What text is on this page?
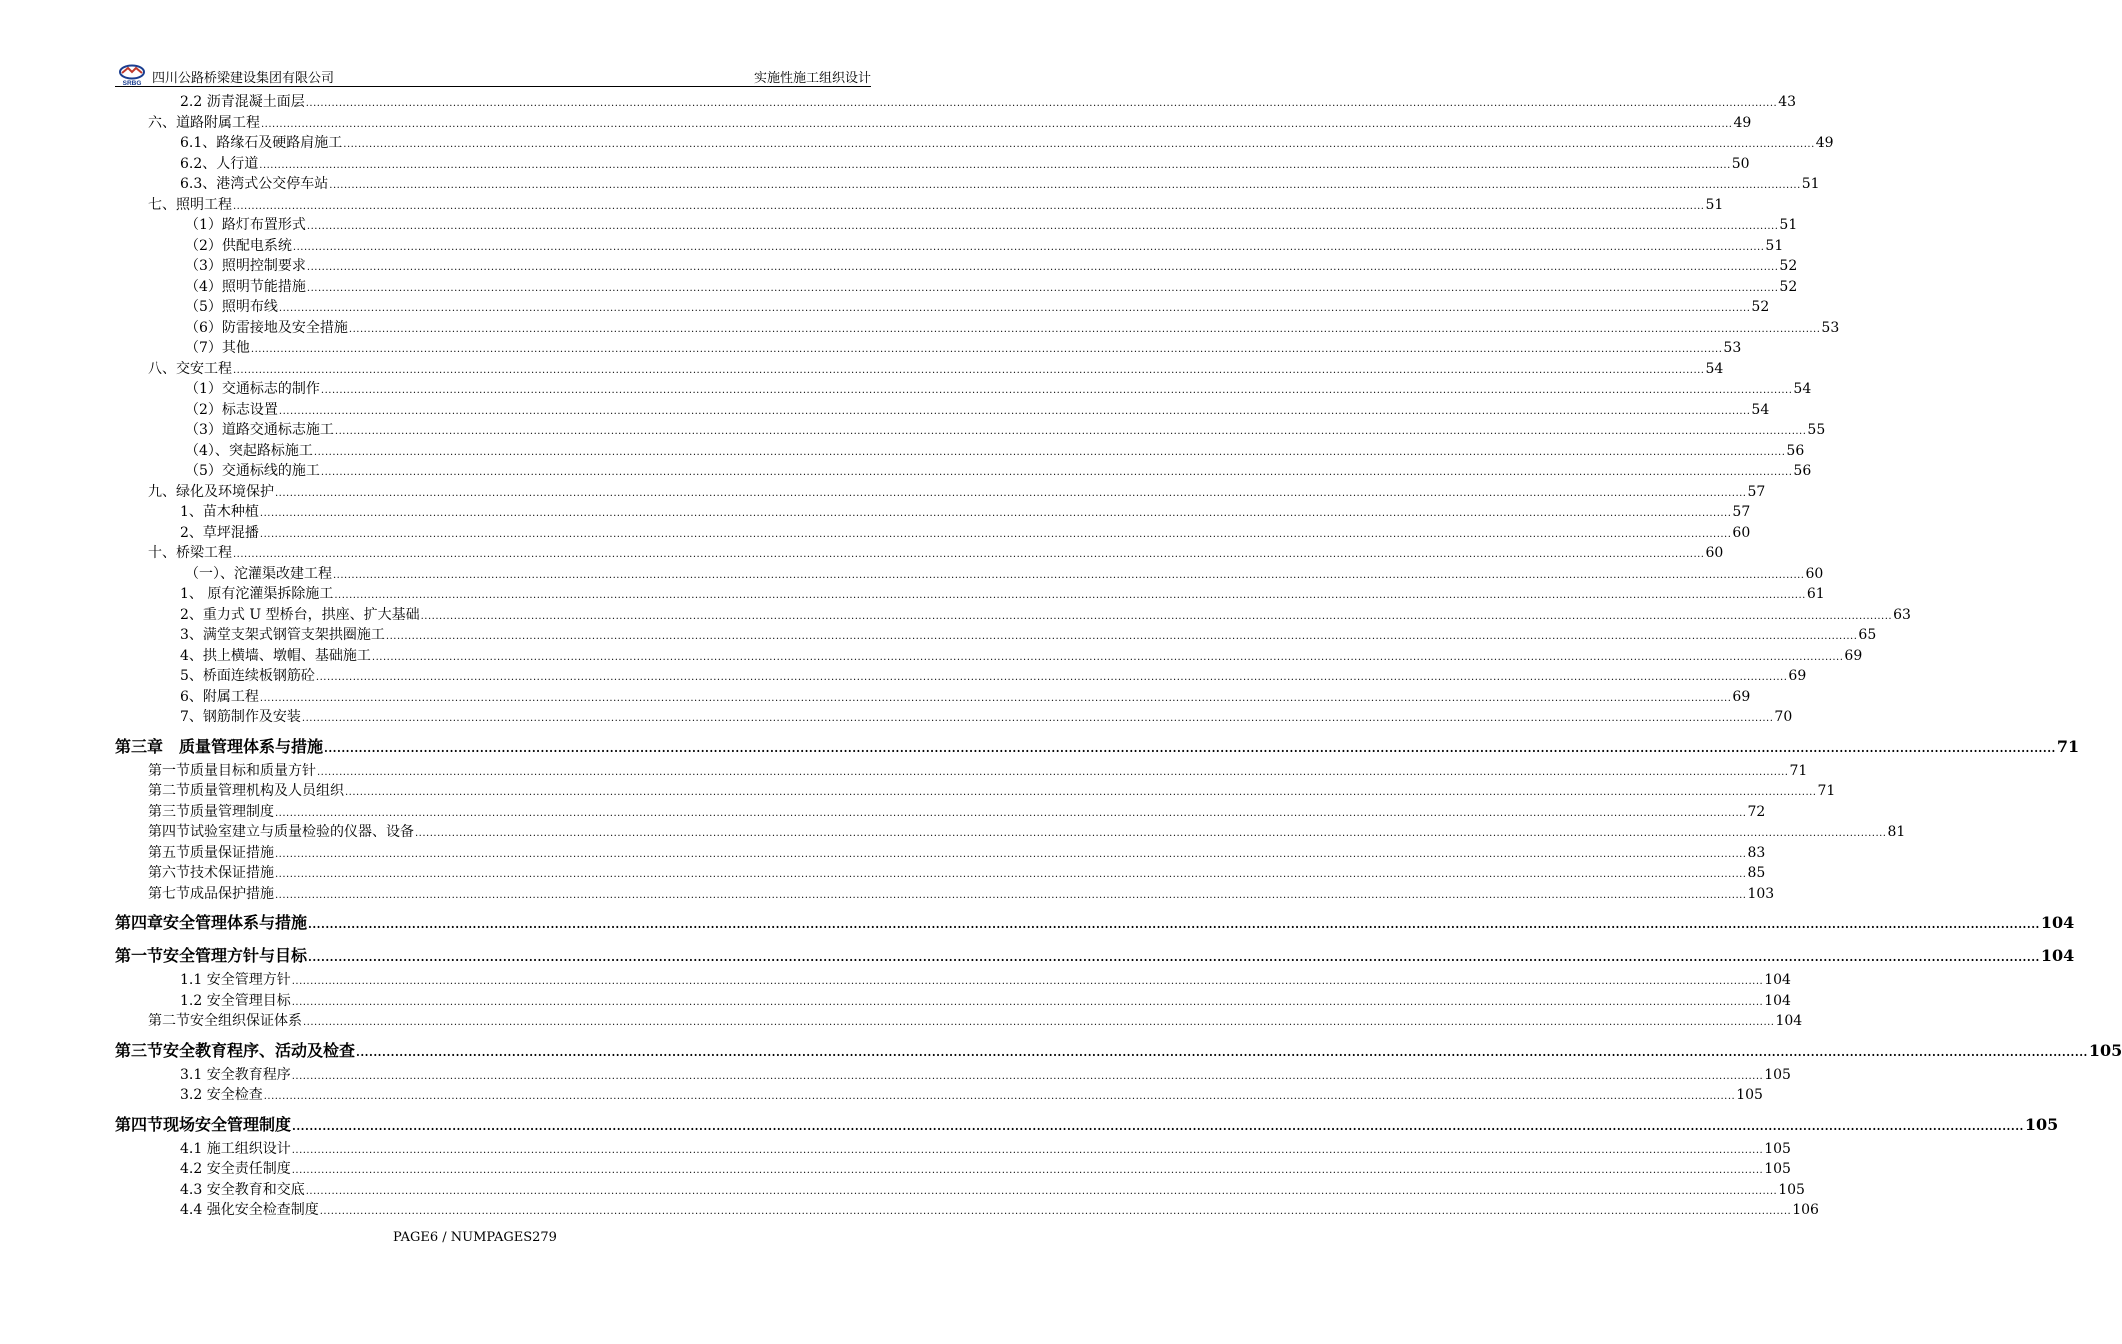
SRBG 四川公路桥梁建设集团有限公司	实施性施工组织设计
2.2 沥青混凝土面层 ................................................................................................................................................................................................................................................................................................................................................................................................................ 43
六、道路附属工程 ................................................................................................................................................................................................................................................................................................................................................................................................................ 49
6.1、路缘石及硬路肩施工 ................................................................................................................................................................................................................................................................................................................................................................................................................ 49
6.2、人行道 ................................................................................................................................................................................................................................................................................................................................................................................................................ 50
6.3、港湾式公交停车站 ................................................................................................................................................................................................................................................................................................................................................................................................................ 51
七、照明工程 ................................................................................................................................................................................................................................................................................................................................................................................................................ 51
（1）路灯布置形式 ................................................................................................................................................................................................................................................................................................................................................................................................................ 51
（2）供配电系统 ................................................................................................................................................................................................................................................................................................................................................................................................................ 51
（3）照明控制要求 ................................................................................................................................................................................................................................................................................................................................................................................................................ 52
（4）照明节能措施 ................................................................................................................................................................................................................................................................................................................................................................................................................ 52
（5）照明布线 ................................................................................................................................................................................................................................................................................................................................................................................................................ 52
（6）防雷接地及安全措施 ................................................................................................................................................................................................................................................................................................................................................................................................................ 53
（7）其他 ................................................................................................................................................................................................................................................................................................................................................................................................................ 53
八、交安工程 ................................................................................................................................................................................................................................................................................................................................................................................................................ 54
（1）交通标志的制作 ................................................................................................................................................................................................................................................................................................................................................................................................................ 54
（2）标志设置 ................................................................................................................................................................................................................................................................................................................................................................................................................ 54
（3）道路交通标志施工 ................................................................................................................................................................................................................................................................................................................................................................................................................ 55
（4）、突起路标施工 ................................................................................................................................................................................................................................................................................................................................................................................................................ 56
（5）交通标线的施工 ................................................................................................................................................................................................................................................................................................................................................................................................................ 56
九、绿化及环境保护 ................................................................................................................................................................................................................................................................................................................................................................................................................ 57
1、苗木种植 ................................................................................................................................................................................................................................................................................................................................................................................................................ 57
2、草坪混播 ................................................................................................................................................................................................................................................................................................................................................................................................................ 60
十、桥梁工程 ................................................................................................................................................................................................................................................................................................................................................................................................................ 60
（一）、沱灌渠改建工程 ................................................................................................................................................................................................................................................................................................................................................................................................................ 60
1、 原有沱灌渠拆除施工 ................................................................................................................................................................................................................................................................................................................................................................................................................ 61
2、重力式 U 型桥台，拱座、扩大基础 ................................................................................................................................................................................................................................................................................................................................................................................................................ 63
3、满堂支架式钢管支架拱圈施工 ................................................................................................................................................................................................................................................................................................................................................................................................................ 65
4、拱上横墙、墩帽、基础施工 ................................................................................................................................................................................................................................................................................................................................................................................................................ 69
5、桥面连续板钢筋砼 ................................................................................................................................................................................................................................................................................................................................................................................................................ 69
6、附属工程 ................................................................................................................................................................................................................................................................................................................................................................................................................ 69
7、钢筋制作及安装 ................................................................................................................................................................................................................................................................................................................................................................................................................ 70
第三章　质量管理体系与措施 ................................................................................................................................................................................................................................................................................................................................................................................................................ 71
第一节质量目标和质量方针 ................................................................................................................................................................................................................................................................................................................................................................................................................ 71
第二节质量管理机构及人员组织 ................................................................................................................................................................................................................................................................................................................................................................................................................ 71
第三节质量管理制度 ................................................................................................................................................................................................................................................................................................................................................................................................................ 72
第四节试验室建立与质量检验的仪器、设备 ................................................................................................................................................................................................................................................................................................................................................................................................................ 81
第五节质量保证措施 ................................................................................................................................................................................................................................................................................................................................................................................................................ 83
第六节技术保证措施 ................................................................................................................................................................................................................................................................................................................................................................................................................ 85
第七节成品保护措施 ................................................................................................................................................................................................................................................................................................................................................................................................................ 103
第四章安全管理体系与措施 ................................................................................................................................................................................................................................................................................................................................................................................................................ 104
第一节安全管理方针与目标 ................................................................................................................................................................................................................................................................................................................................................................................................................ 104
1.1 安全管理方针 ................................................................................................................................................................................................................................................................................................................................................................................................................ 104
1.2 安全管理目标 ................................................................................................................................................................................................................................................................................................................................................................................................................ 104
第二节安全组织保证体系 ................................................................................................................................................................................................................................................................................................................................................................................................................ 104
第三节安全教育程序、活动及检查 ................................................................................................................................................................................................................................................................................................................................................................................................................ 105
3.1 安全教育程序 ................................................................................................................................................................................................................................................................................................................................................................................................................ 105
3.2 安全检查 ................................................................................................................................................................................................................................................................................................................................................................................................................ 105
第四节现场安全管理制度 ................................................................................................................................................................................................................................................................................................................................................................................................................ 105
4.1 施工组织设计 ................................................................................................................................................................................................................................................................................................................................................................................................................ 105
4.2 安全责任制度 ................................................................................................................................................................................................................................................................................................................................................................................................................ 105
4.3 安全教育和交底 ................................................................................................................................................................................................................................................................................................................................................................................................................ 105
4.4 强化安全检查制度 ................................................................................................................................................................................................................................................................................................................................................................................................................ 106
PAGE6 / NUMPAGES279
